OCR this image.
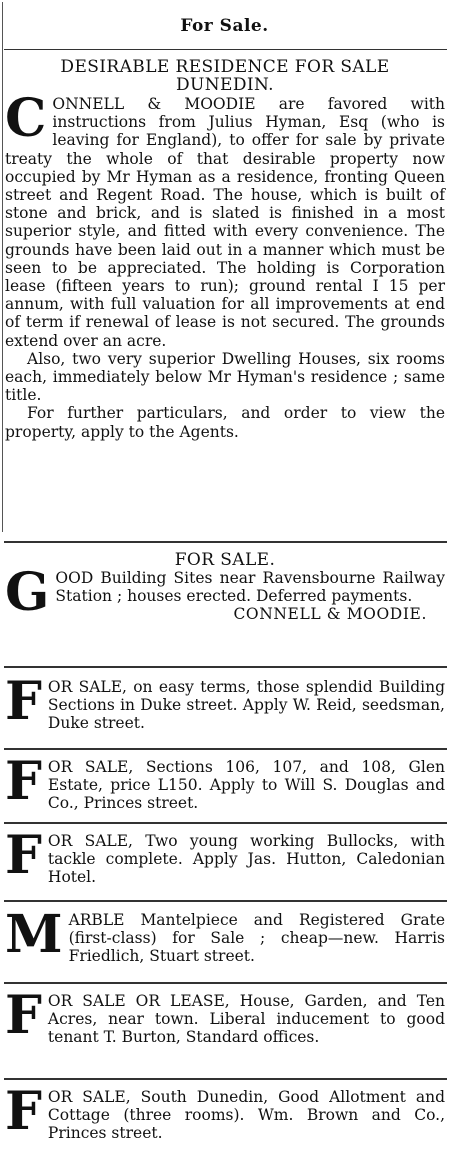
For Sale.
DESIRABLE RESIDENCE FOR SALE
DUNEDIN.
CONNELL & MOODIE are favored with instructions from Julius Hyman, Esq (who is leaving for England), to offer for sale by private treaty the whole of that desirable property now occupied by Mr Hyman as a residence, fronting Queen street and Regent Road. The house, which is built of stone and brick, and is slated is finished in a most superior style, and fitted with every convenience. The grounds have been laid out in a manner which must be seen to be appreciated. The holding is Corporation lease (fifteen years to run); ground rental I 15 per annum, with full valuation for all improvements at end of term if renewal of lease is not secured. The grounds extend over an acre.
Also, two very superior Dwelling Houses, six rooms each, immediately below Mr Hyman's residence ; same title.
For further particulars, and order to view the property, apply to the Agents.
FOR SALE.
GOOD Building Sites near Ravensbourne Railway Station ; houses erected. Deferred payments.
CONNELL & MOODIE.
FOR SALE, on easy terms, those splendid Building Sections in Duke street. Apply W. Reid, seedsman, Duke street.
FOR SALE, Sections 106, 107, and 108, Glen Estate, price L150. Apply to Will S. Douglas and Co., Princes street.
FOR SALE, Two young working Bullocks, with tackle complete. Apply Jas. Hutton, Caledonian Hotel.
MARBLE Mantelpiece and Registered Grate (first-class) for Sale ; cheap—new. Harris Friedlich, Stuart street.
FOR SALE OR LEASE, House, Garden, and Ten Acres, near town. Liberal inducement to good tenant T. Burton, Standard offices.
FOR SALE, South Dunedin, Good Allotment and Cottage (three rooms). Wm. Brown and Co., Princes street.
